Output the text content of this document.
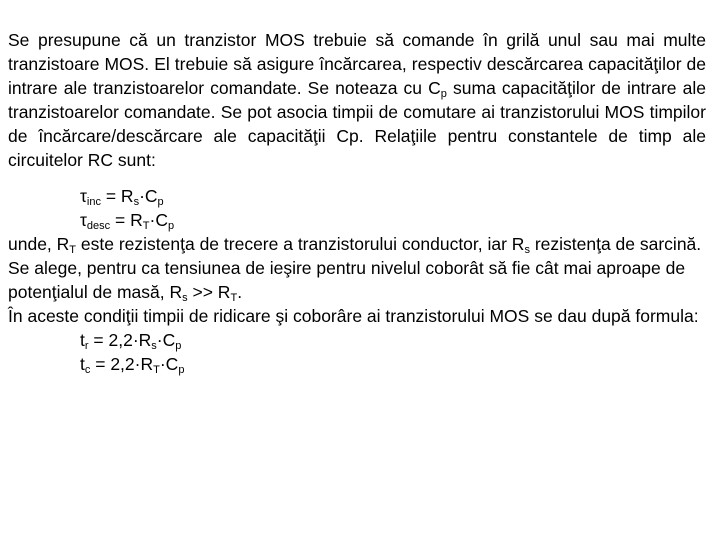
Se presupune că un tranzistor MOS trebuie să comande în grilă unul sau mai multe tranzistoare MOS. El trebuie să asigure încărcarea, respectiv descărcarea capacităţilor de intrare ale tranzistoarelor comandate. Se noteaza cu $C_p$ suma capacităţilor de intrare ale tranzistoarelor comandate. Se pot asocia timpii de comutare ai tranzistorului MOS timpilor de încărcare/descărcare ale capacităţii Cp. Relaţiile pentru constantele de timp ale circuitelor RC sunt:

$\tau_{inc} = R_s\cdot C_p$
$\tau_{desc} = R_T\cdot C_p$
unde, $R_T$ este rezistenţa de trecere a tranzistorului conductor, iar $R_s$ rezistenţa de sarcină.
Se alege, pentru ca tensiunea de ieşire pentru nivelul coborât să fie cât mai aproape de potenţialul de masă, $R_s >> R_T$.
În aceste condiţii timpii de ridicare şi coborâre ai tranzistorului MOS se dau după formula:
$t_r = 2,2\cdot R_s\cdot C_p$
$t_c = 2,2\cdot R_T\cdot C_p$
